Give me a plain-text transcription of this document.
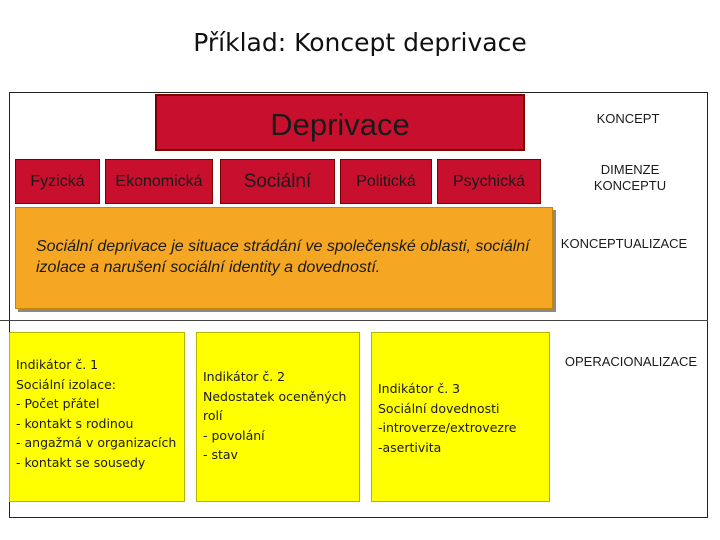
Příklad: Koncept deprivace
Deprivace
Fyzická Ekonomická Sociální	Politická Psychická
Sociální deprivace je situace strádání ve společenské oblasti, sociální izolace a narušení sociální identity a dovedností.
Indikátor č. 1
Sociální izolace:
- Počet přátel
- kontakt s rodinou
- angažmá v organizacích
- kontakt se sousedy
Indikátor č. 2
Nedostatek oceněných
rolí
- povolání
- stav
Indikátor č. 3
Sociální dovednosti
-introverze/extrovezre
-asertivita
KONCEPT
DIMENZE KONCEPTU
KONCEPTUALIZACE
OPERACIONALIZACE
